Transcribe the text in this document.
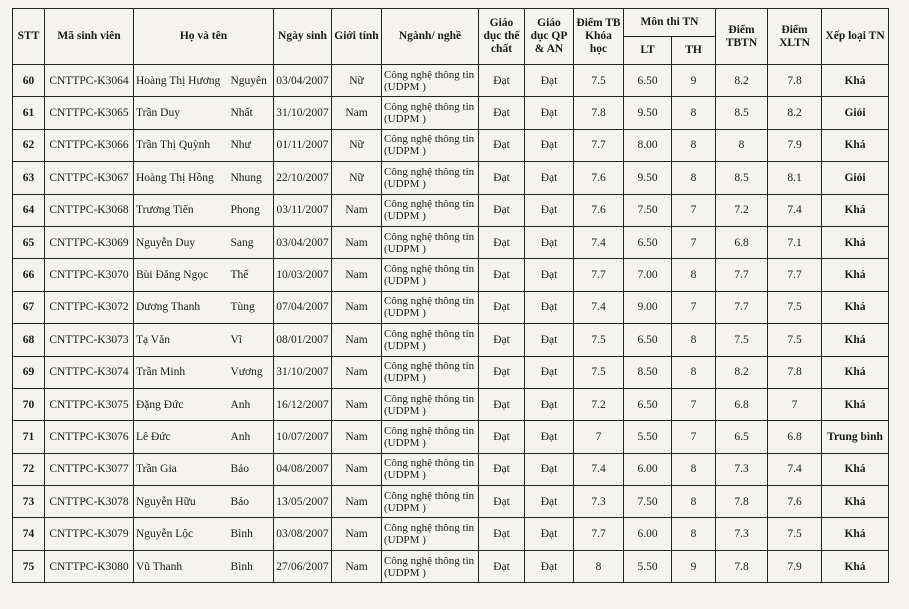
STT	Mã sinh viên	Họ và tên		Ngày sinh	Giới tính	Ngành/ nghề	Giáo dục thể chất	Giáo dục QP & AN	Điểm TB Khóa học	Môn thi TN		Điểm TBTN	Điểm XLTN	Xếp loại TN
										LT	TH			
60	CNTTPC-K3064	Hoàng Thị Hương	Nguyên	03/04/2007	Nữ	Công nghệ thông tin (UDPM )	Đạt	Đạt	7.5	6.50	9	8.2	7.8	Khá
61	CNTTPC-K3065	Trần Duy	Nhất	31/10/2007	Nam	Công nghệ thông tin (UDPM )	Đạt	Đạt	7.8	9.50	8	8.5	8.2	Giỏi
62	CNTTPC-K3066	Trần Thị Quỳnh	Như	01/11/2007	Nữ	Công nghệ thông tin (UDPM )	Đạt	Đạt	7.7	8.00	8	8	7.9	Khá
63	CNTTPC-K3067	Hoàng Thị Hồng	Nhung	22/10/2007	Nữ	Công nghệ thông tin (UDPM )	Đạt	Đạt	7.6	9.50	8	8.5	8.1	Giỏi
64	CNTTPC-K3068	Trương Tiến	Phong	03/11/2007	Nam	Công nghệ thông tin (UDPM )	Đạt	Đạt	7.6	7.50	7	7.2	7.4	Khá
65	CNTTPC-K3069	Nguyễn Duy	Sang	03/04/2007	Nam	Công nghệ thông tin (UDPM )	Đạt	Đạt	7.4	6.50	7	6.8	7.1	Khá
66	CNTTPC-K3070	Bùi Đăng Ngọc	Thể	10/03/2007	Nam	Công nghệ thông tin (UDPM )	Đạt	Đạt	7.7	7.00	8	7.7	7.7	Khá
67	CNTTPC-K3072	Dương Thanh	Tùng	07/04/2007	Nam	Công nghệ thông tin (UDPM )	Đạt	Đạt	7.4	9.00	7	7.7	7.5	Khá
68	CNTTPC-K3073	Tạ Văn	Vĩ	08/01/2007	Nam	Công nghệ thông tin (UDPM )	Đạt	Đạt	7.5	6.50	8	7.5	7.5	Khá
69	CNTTPC-K3074	Trần Minh	Vương	31/10/2007	Nam	Công nghệ thông tin (UDPM )	Đạt	Đạt	7.5	8.50	8	8.2	7.8	Khá
70	CNTTPC-K3075	Đặng Đức	Anh	16/12/2007	Nam	Công nghệ thông tin (UDPM )	Đạt	Đạt	7.2	6.50	7	6.8	7	Khá
71	CNTTPC-K3076	Lê Đức	Anh	10/07/2007	Nam	Công nghệ thông tin (UDPM )	Đạt	Đạt	7	5.50	7	6.5	6.8	Trung bình
72	CNTTPC-K3077	Trần Gia	Bảo	04/08/2007	Nam	Công nghệ thông tin (UDPM )	Đạt	Đạt	7.4	6.00	8	7.3	7.4	Khá
73	CNTTPC-K3078	Nguyễn Hữu	Bảo	13/05/2007	Nam	Công nghệ thông tin (UDPM )	Đạt	Đạt	7.3	7.50	8	7.8	7.6	Khá
74	CNTTPC-K3079	Nguyễn Lộc	Bình	03/08/2007	Nam	Công nghệ thông tin (UDPM )	Đạt	Đạt	7.7	6.00	8	7.3	7.5	Khá
75	CNTTPC-K3080	Vũ Thanh	Bình	27/06/2007	Nam	Công nghệ thông tin (UDPM )	Đạt	Đạt	8	5.50	9	7.8	7.9	Khá
